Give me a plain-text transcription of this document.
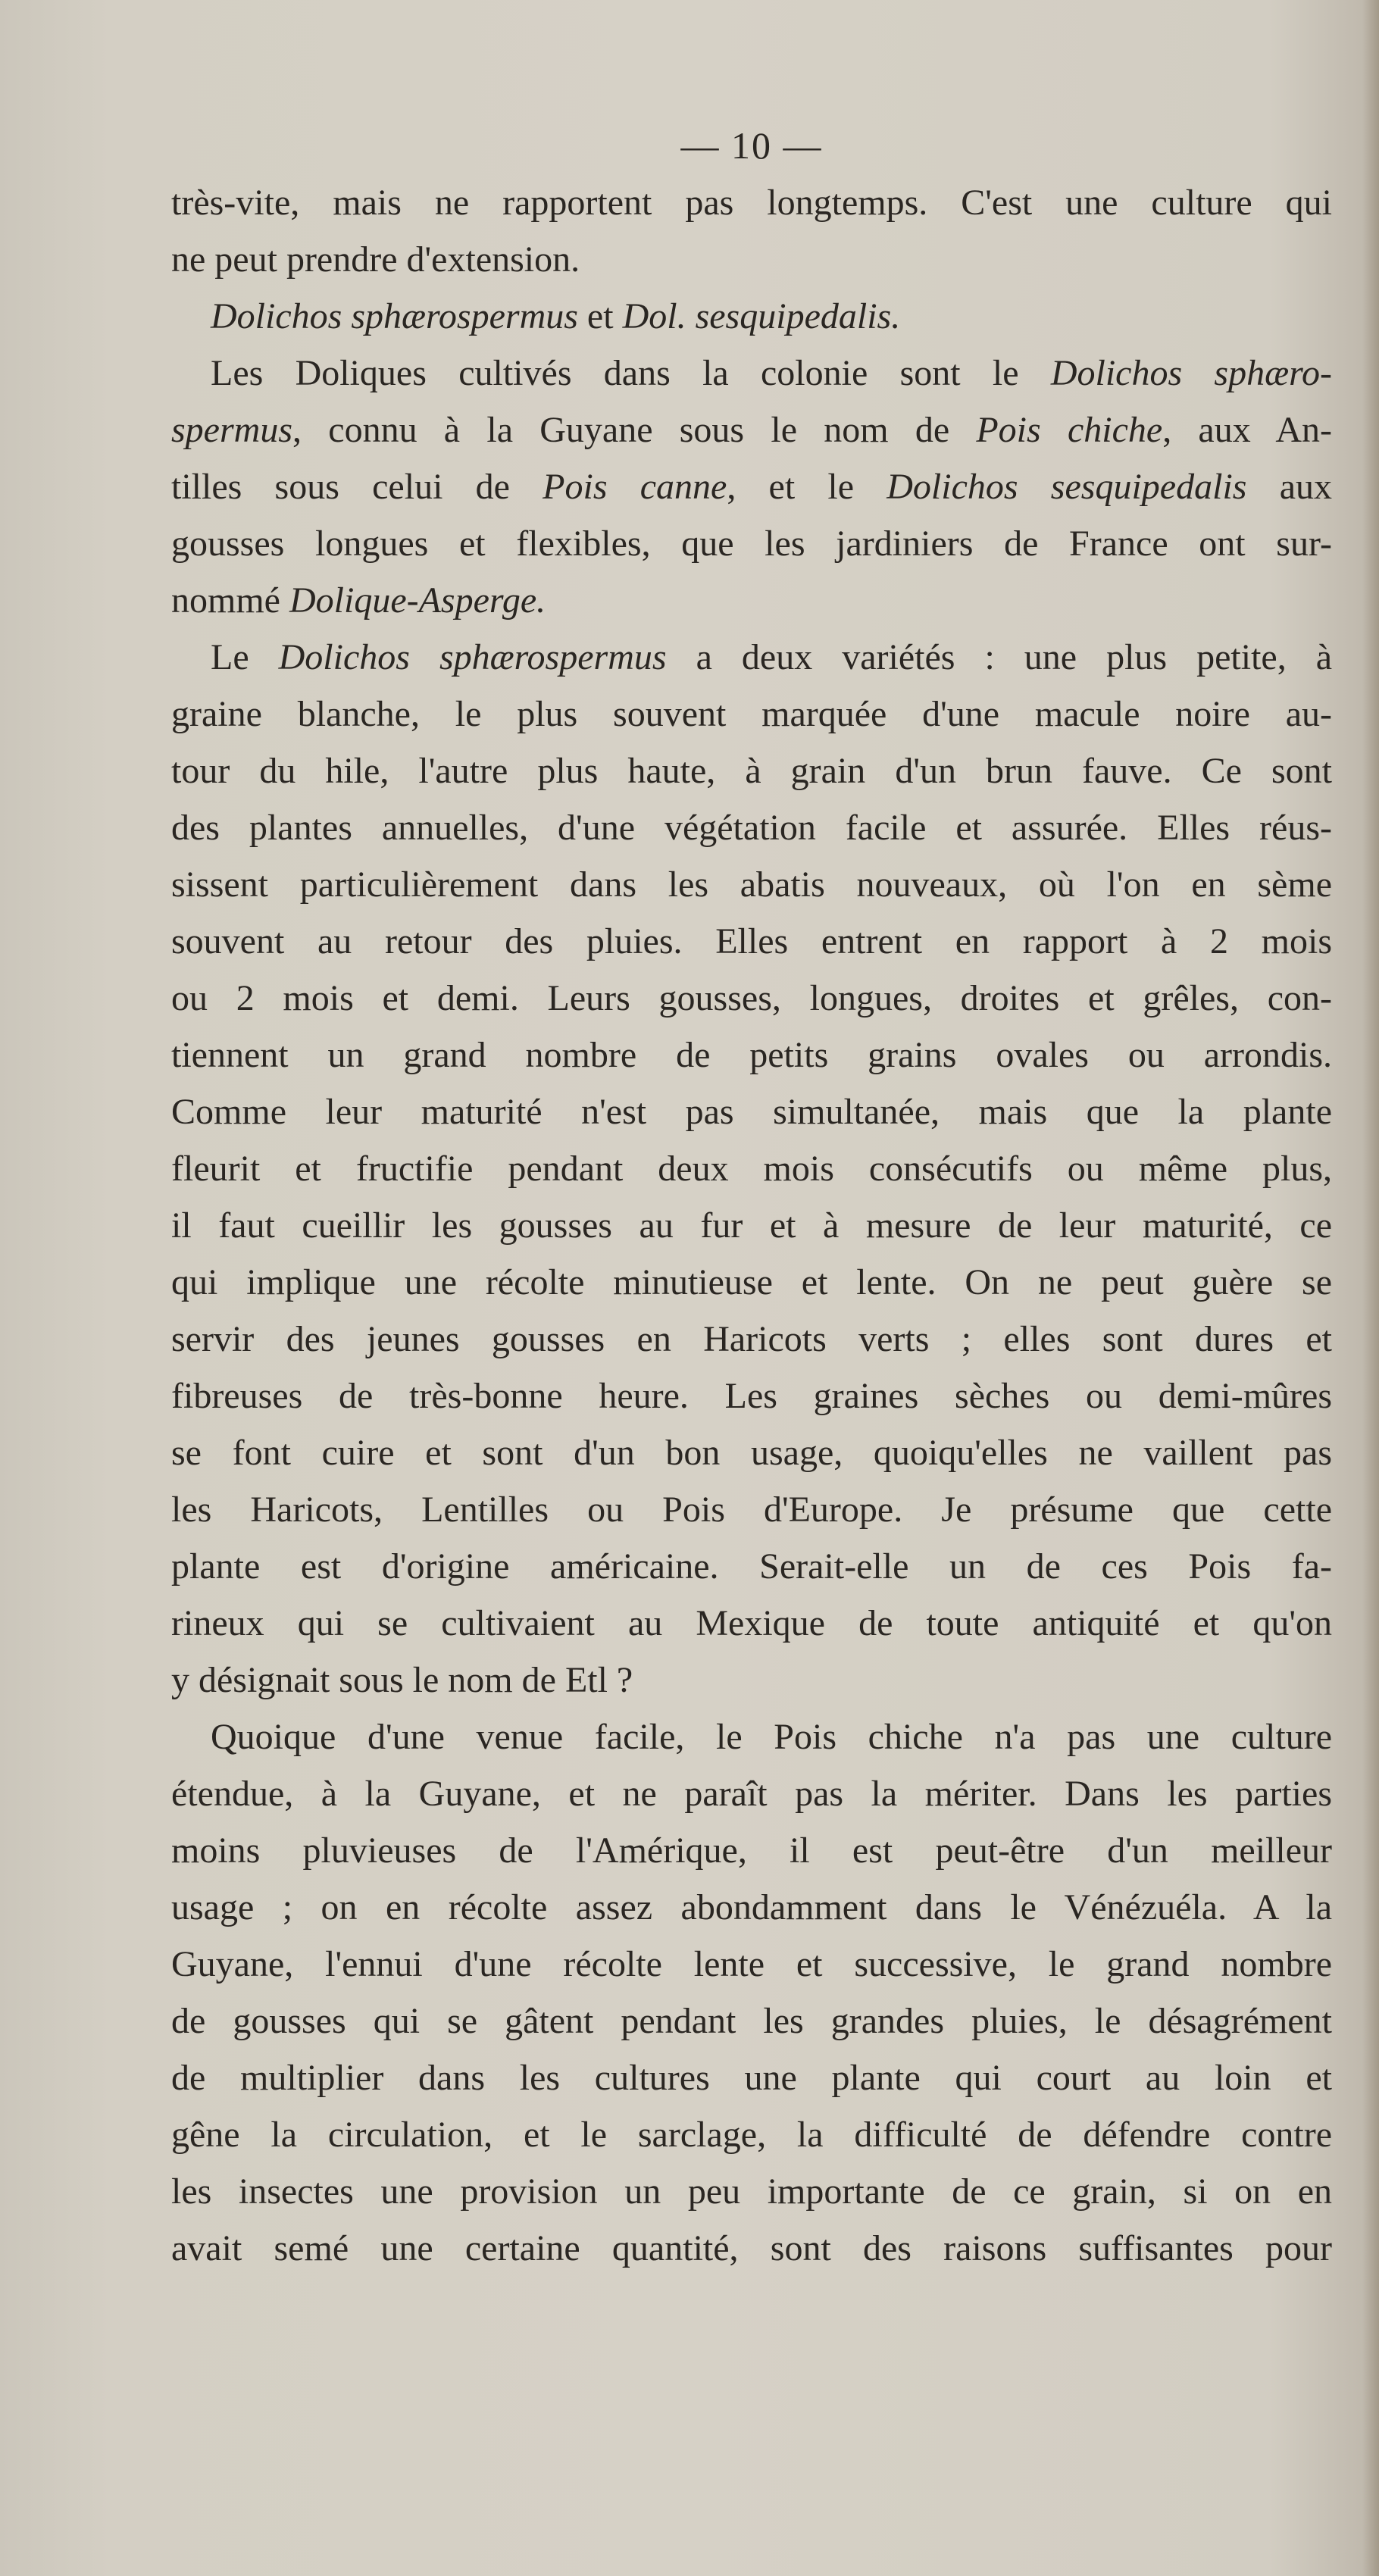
— 10 —
très-vite, mais ne rapportent pas longtemps. C'est une culture qui
ne peut prendre d'extension.
Dolichos sphærospermus et Dol. sesquipedalis.
Les Doliques cultivés dans la colonie sont le Dolichos sphæro-
spermus, connu à la Guyane sous le nom de Pois chiche, aux An-
tilles sous celui de Pois canne, et le Dolichos sesquipedalis aux
gousses longues et flexibles, que les jardiniers de France ont sur-
nommé Dolique-Asperge.
Le Dolichos sphærospermus a deux variétés : une plus petite, à
graine blanche, le plus souvent marquée d'une macule noire au-
tour du hile, l'autre plus haute, à grain d'un brun fauve. Ce sont
des plantes annuelles, d'une végétation facile et assurée. Elles réus-
sissent particulièrement dans les abatis nouveaux, où l'on en sème
souvent au retour des pluies. Elles entrent en rapport à 2 mois
ou 2 mois et demi. Leurs gousses, longues, droites et grêles, con-
tiennent un grand nombre de petits grains ovales ou arrondis.
Comme leur maturité n'est pas simultanée, mais que la plante
fleurit et fructifie pendant deux mois consécutifs ou même plus,
il faut cueillir les gousses au fur et à mesure de leur maturité, ce
qui implique une récolte minutieuse et lente. On ne peut guère se
servir des jeunes gousses en Haricots verts ; elles sont dures et
fibreuses de très-bonne heure. Les graines sèches ou demi-mûres
se font cuire et sont d'un bon usage, quoiqu'elles ne vaillent pas
les Haricots, Lentilles ou Pois d'Europe. Je présume que cette
plante est d'origine américaine. Serait-elle un de ces Pois fa-
rineux qui se cultivaient au Mexique de toute antiquité et qu'on
y désignait sous le nom de Etl ?
Quoique d'une venue facile, le Pois chiche n'a pas une culture
étendue, à la Guyane, et ne paraît pas la mériter. Dans les parties
moins pluvieuses de l'Amérique, il est peut-être d'un meilleur
usage ; on en récolte assez abondamment dans le Vénézuéla. A la
Guyane, l'ennui d'une récolte lente et successive, le grand nombre
de gousses qui se gâtent pendant les grandes pluies, le désagrément
de multiplier dans les cultures une plante qui court au loin et
gêne la circulation, et le sarclage, la difficulté de défendre contre
les insectes une provision un peu importante de ce grain, si on en
avait semé une certaine quantité, sont des raisons suffisantes pour
